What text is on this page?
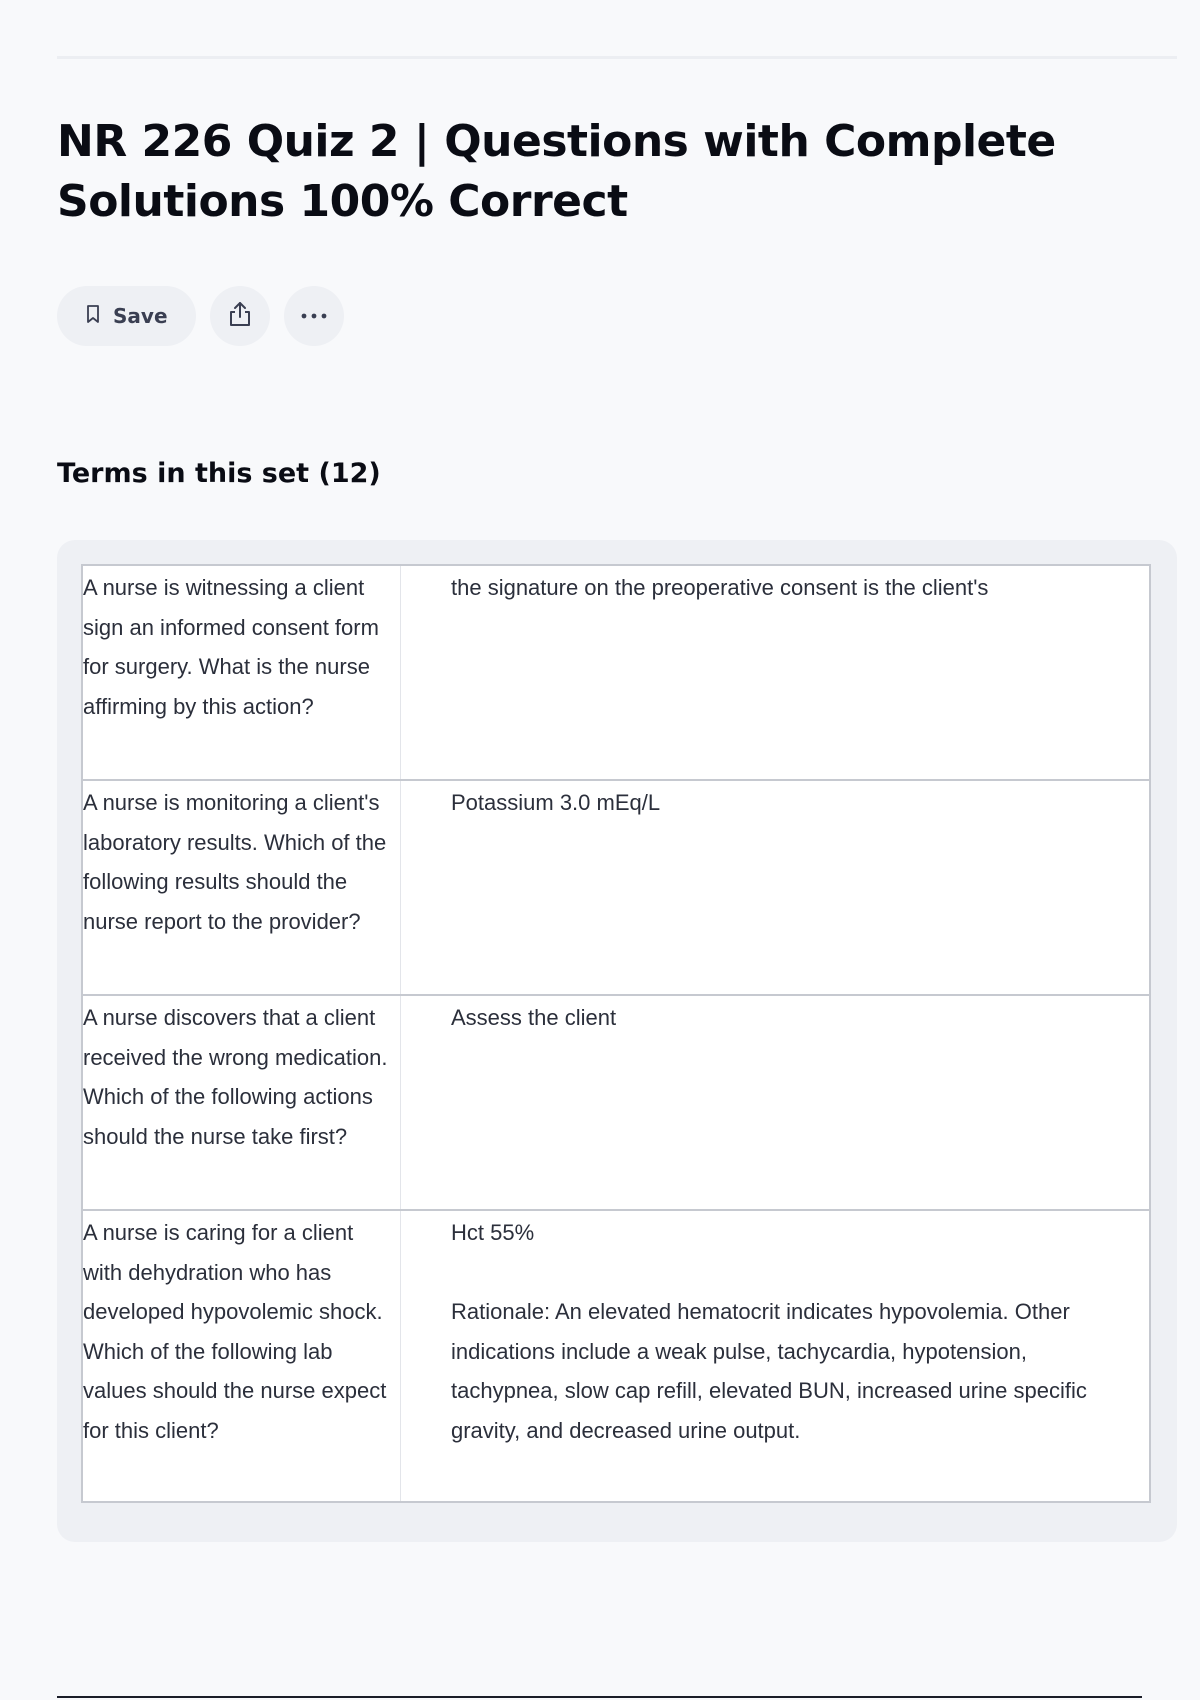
NR 226 Quiz 2 | Questions with Complete Solutions 100% Correct
Save
Terms in this set (12)
A nurse is witnessing a client sign an informed consent form for surgery. What is the nurse affirming by this action?

the signature on the preoperative consent is the client's

A nurse is monitoring a client's laboratory results. Which of the following results should the nurse report to the provider?

Potassium 3.0 mEq/L

A nurse discovers that a client received the wrong medication. Which of the following actions should the nurse take first?

Assess the client

A nurse is caring for a client with dehydration who has developed hypovolemic shock. Which of the following lab values should the nurse expect for this client?

Hct 55%

Rationale: An elevated hematocrit indicates hypovolemia. Other indications include a weak pulse, tachycardia, hypotension, tachypnea, slow cap refill, elevated BUN, increased urine specific gravity, and decreased urine output.
